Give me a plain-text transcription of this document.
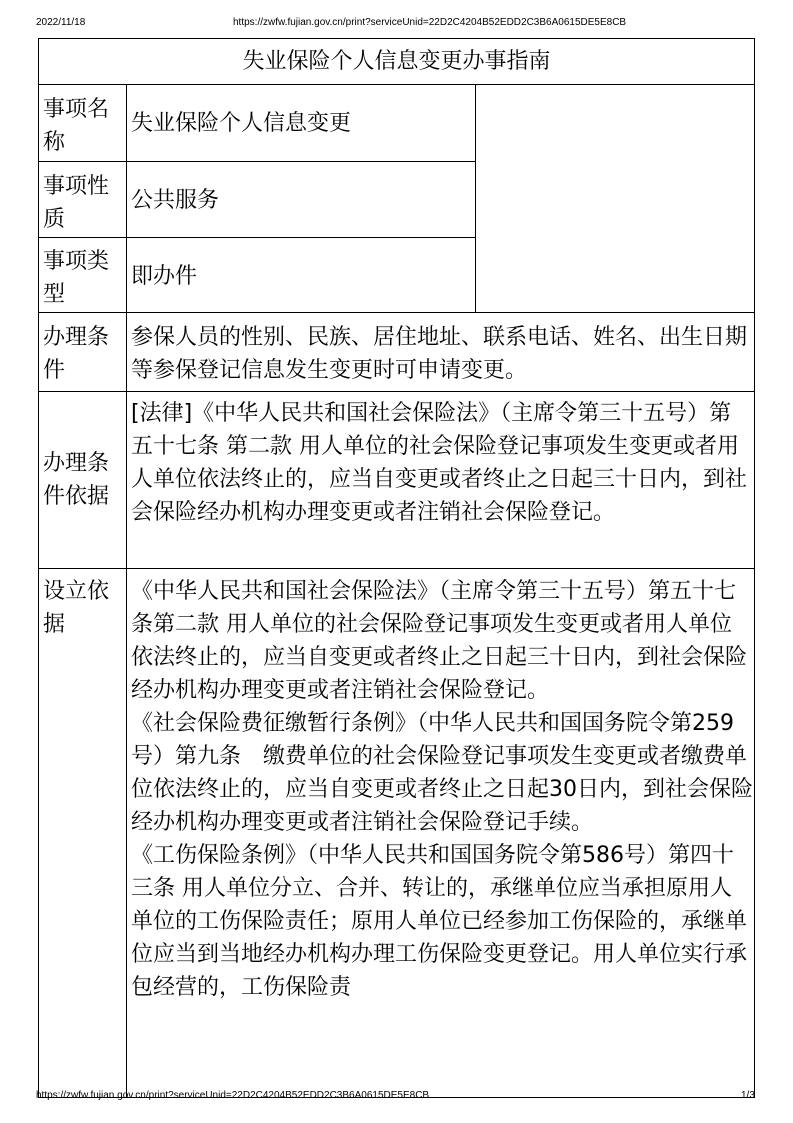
2022/11/18	https://zwfw.fujian.gov.cn/print?serviceUnid=22D2C4204B52EDD2C3B6A0615DE5E8CB
失业保险个人信息变更办事指南
事项名称
失业保险个人信息变更
事项性质
公共服务
事项类型
即办件
办理条件
参保人员的性别、民族、居住地址、联系电话、姓名、出生日期等参保登记信息发生变更时可申请变更。
办理条件依据
[法律]《中华人民共和国社会保险法》（主席令第三十五号）第五十七条 第二款 用人单位的社会保险登记事项发生变更或者用人单位依法终止的，应当自变更或者终止之日起三十日内，到社会保险经办机构办理变更或者注销社会保险登记。
设立依据
《中华人民共和国社会保险法》（主席令第三十五号）第五十七条第二款 用人单位的社会保险登记事项发生变更或者用人单位依法终止的，应当自变更或者终止之日起三十日内，到社会保险经办机构办理变更或者注销社会保险登记。
《社会保险费征缴暂行条例》（中华人民共和国国务院令第259号）第九条　缴费单位的社会保险登记事项发生变更或者缴费单位依法终止的，应当自变更或者终止之日起30日内，到社会保险经办机构办理变更或者注销社会保险登记手续。
《工伤保险条例》（中华人民共和国国务院令第586号）第四十三条 用人单位分立、合并、转让的，承继单位应当承担原用人单位的工伤保险责任；原用人单位已经参加工伤保险的，承继单位应当到当地经办机构办理工伤保险变更登记。用人单位实行承包经营的，工伤保险责
https://zwfw.fujian.gov.cn/print?serviceUnid=22D2C4204B52EDD2C3B6A0615DE5E8CB	1/3
